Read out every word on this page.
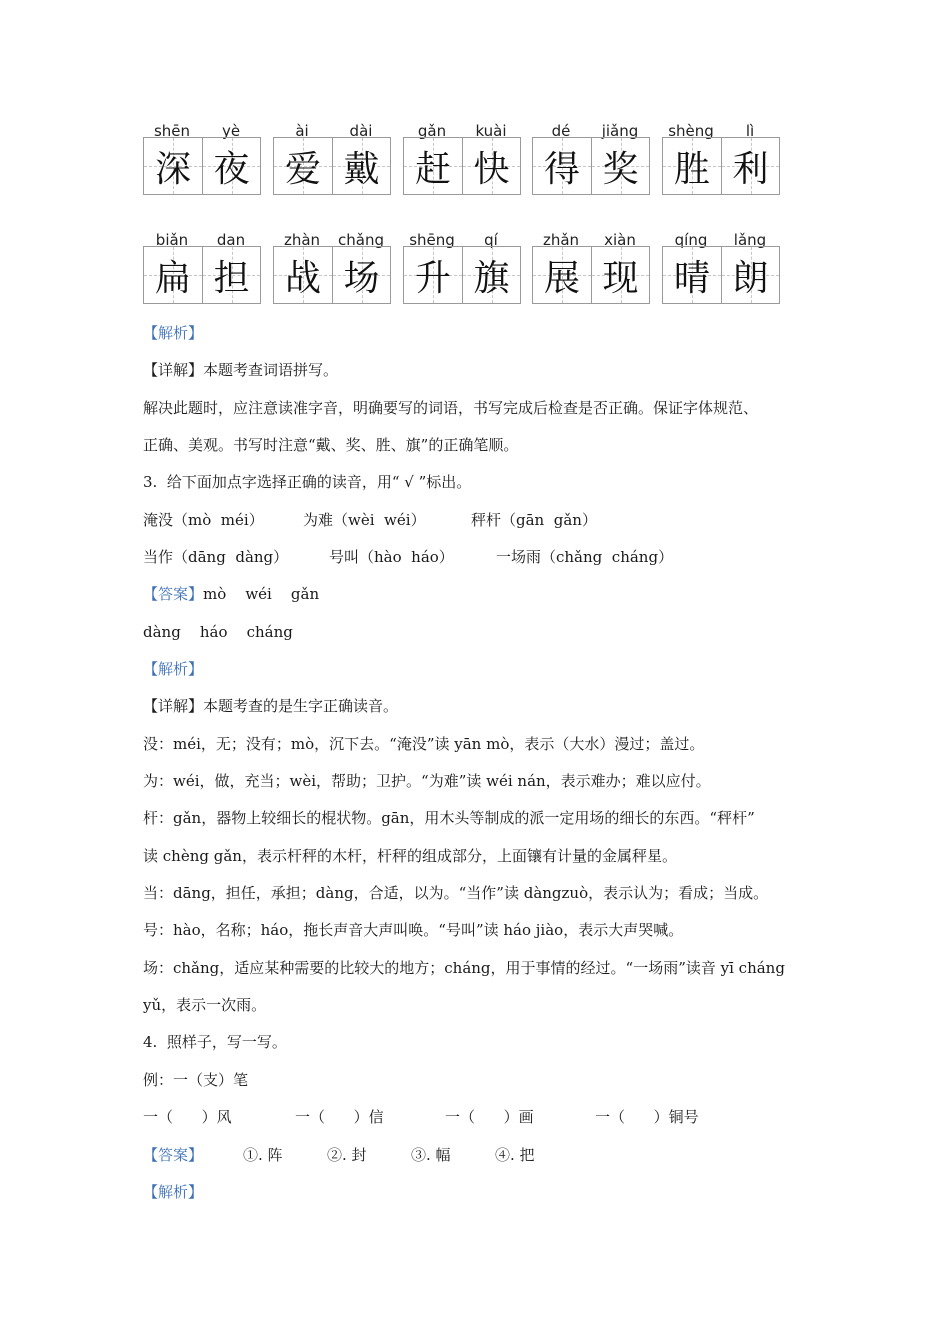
shēn	yè
深 夜
ài	dài
爱 戴
gǎn	kuài
赶 快
dé	jiǎng
得 奖
shèng	lì
胜 利
biǎn	dan
扁 担
zhàn	chǎng
战 场
shēng	qí
升 旗
zhǎn	xiàn
展 现
qíng	lǎng
晴 朗
【解析】
【详解】本题考查词语拼写。
解决此题时，应注意读准字音，明确要写的词语，书写完成后检查是否正确。保证字体规范、
正确、美观。书写时注意“戴、奖、胜、旗”的正确笔顺。
3.  给下面加点字选择正确的读音，用“ √ ”标出。
淹没（mò  méi）	为难（wèi  wéi）	秤杆（gān  gǎn）
当作（dāng  dàng）	号叫（hào  háo）	一场雨（chǎng  cháng）
【答案】mò    wéi    gǎn
dàng    háo    cháng
【解析】
【详解】本题考查的是生字正确读音。
没：méi，无；没有；mò，沉下去。“淹没”读 yān mò，表示（大水）漫过；盖过。
为：wéi，做，充当；wèi，帮助；卫护。“为难”读 wéi nán，表示难办；难以应付。
杆：gǎn，器物上较细长的棍状物。gān，用木头等制成的派一定用场的细长的东西。“秤杆”
读 chèng gǎn，表示杆秤的木杆，杆秤的组成部分，上面镶有计量的金属秤星。
当：dāng，担任，承担；dàng，合适，以为。“当作”读 dàngzuò，表示认为；看成；当成。
号：hào，名称；háo，拖长声音大声叫唤。“号叫”读 háo jiào，表示大声哭喊。
场：chǎng，适应某种需要的比较大的地方；cháng，用于事情的经过。“一场雨”读音 yī cháng
yǔ，表示一次雨。
4.  照样子，写一写。
例：一（支）笔
一（      ）风	一（      ）信	一（      ）画	一（      ）铜号
【答案】	①. 阵	②. 封	③. 幅	④. 把
【解析】
